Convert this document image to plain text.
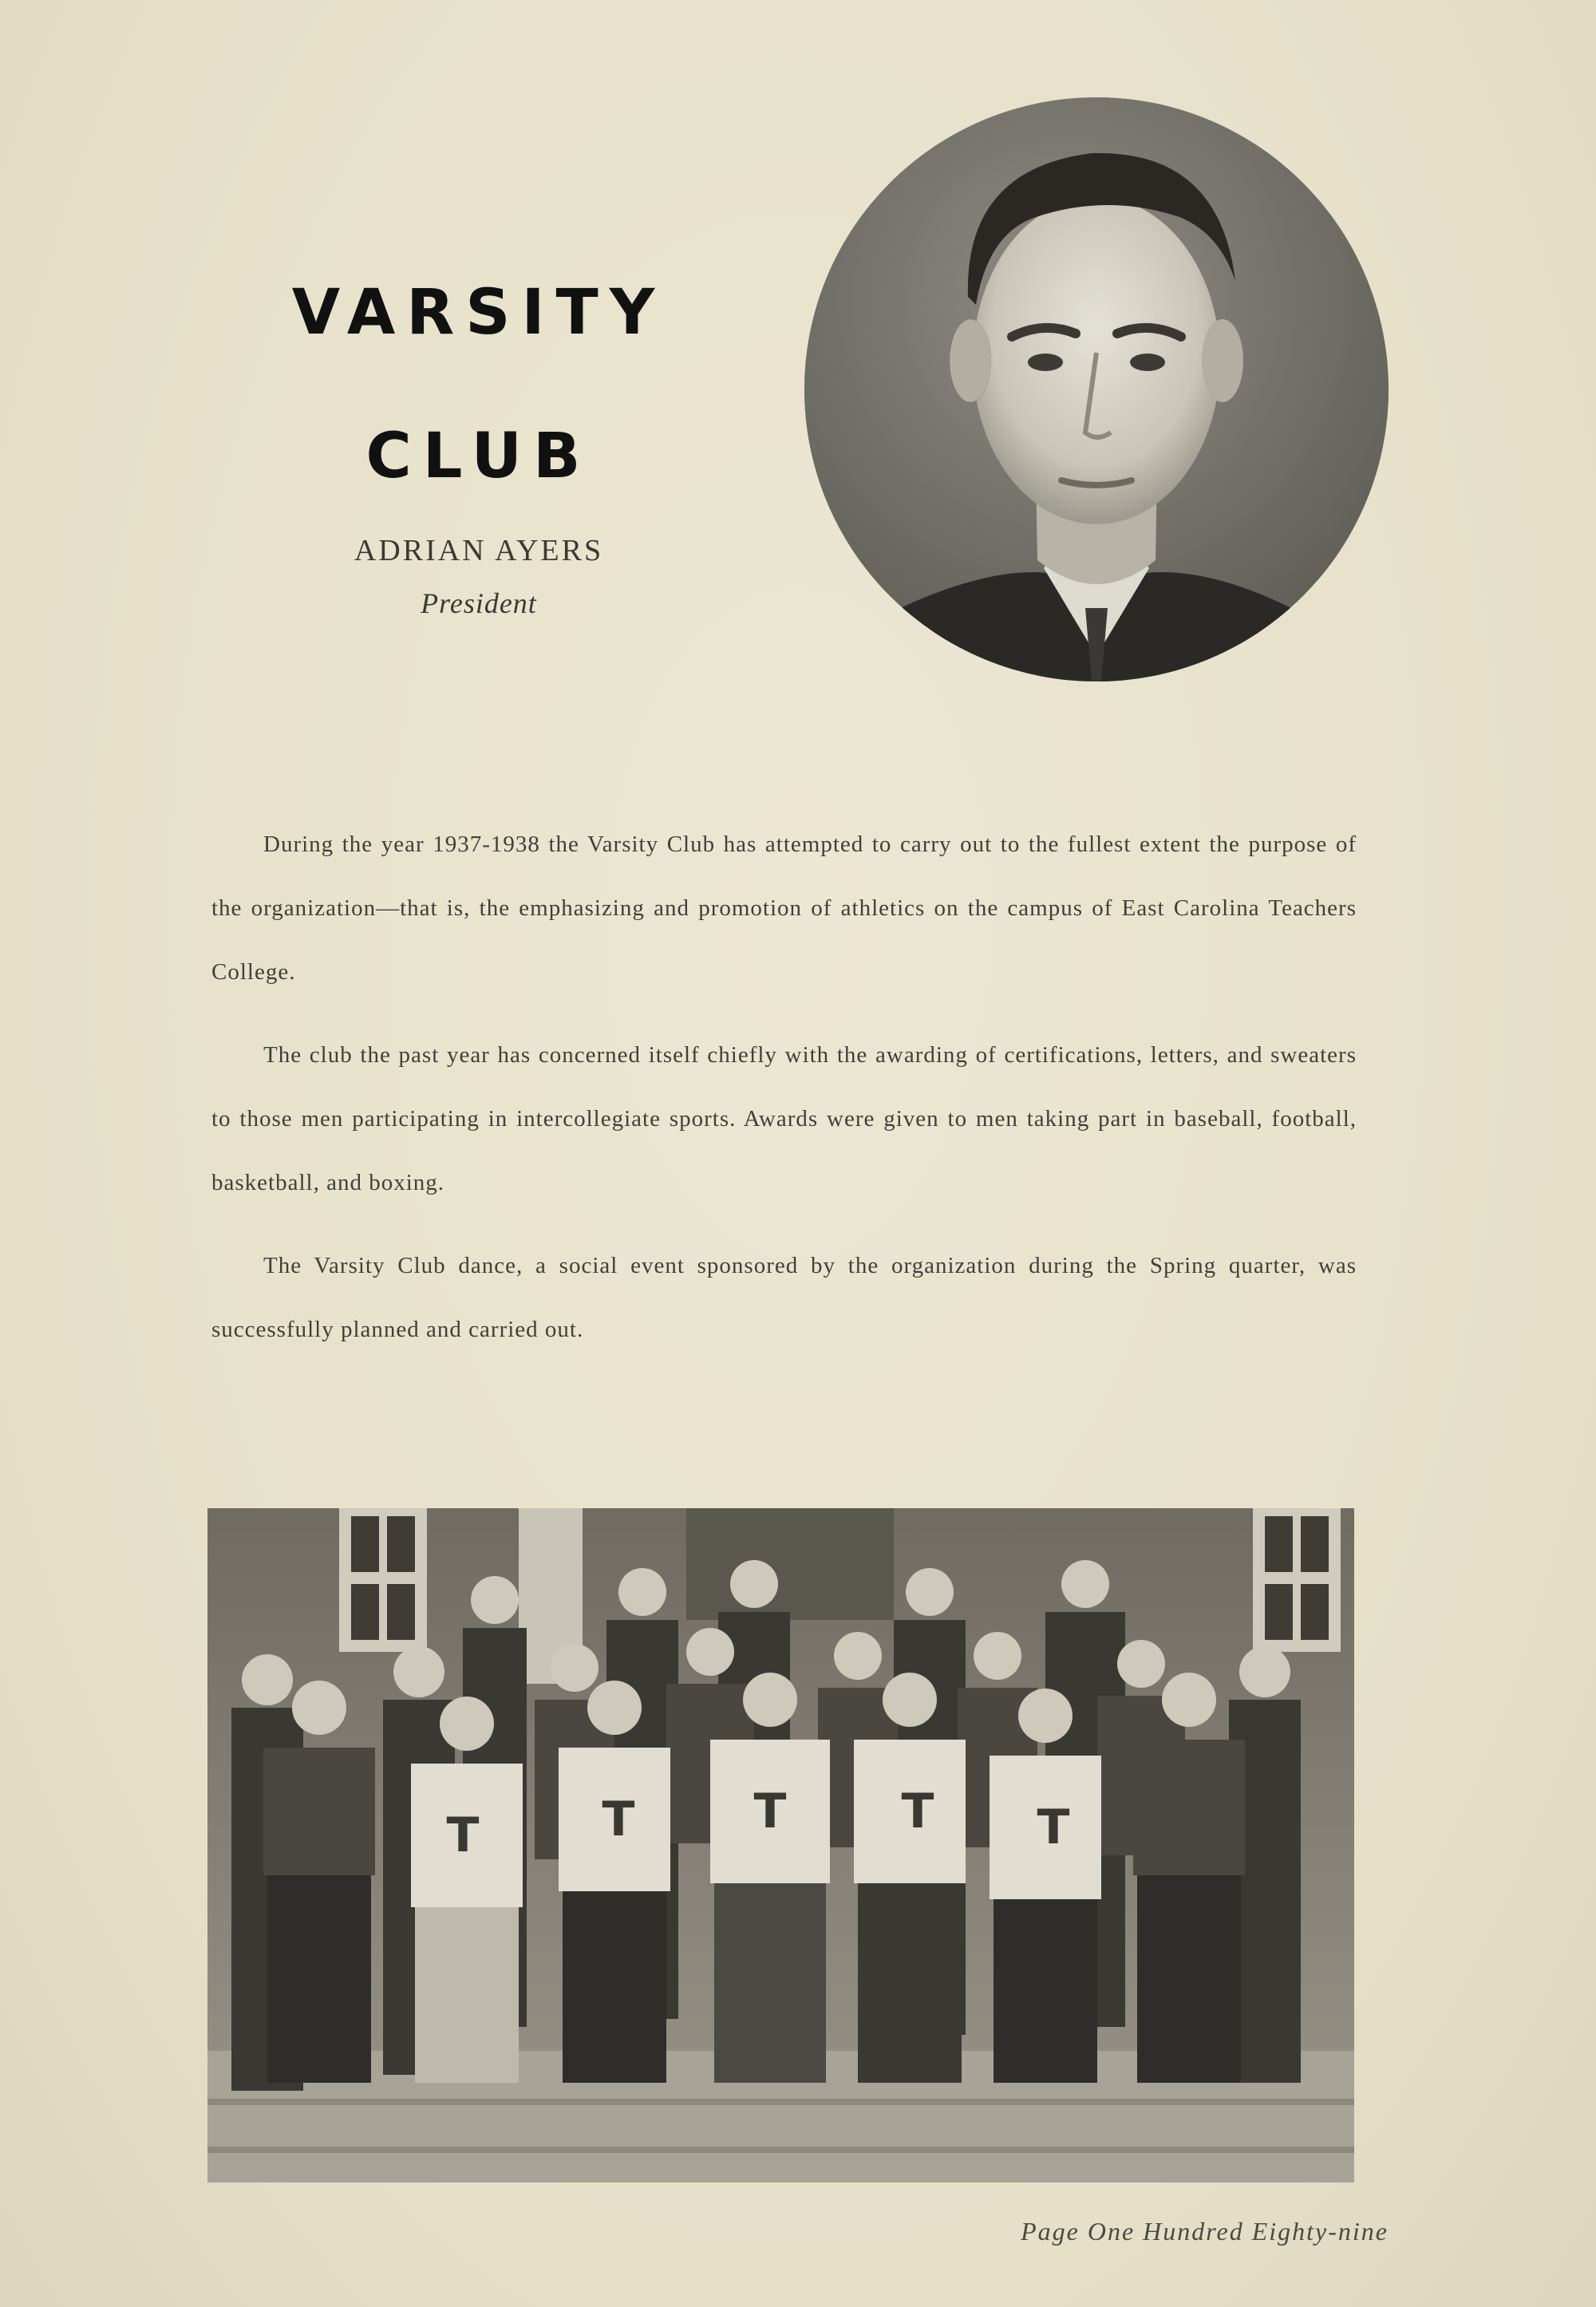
VARSITY
CLUB
ADRIAN AYERS
President

During the year 1937-1938 the Varsity Club has attempted to carry out to the fullest extent the purpose of the organization—that is, the emphasizing and promotion of athletics on the campus of East Carolina Teachers College.

The club the past year has concerned itself chiefly with the awarding of certifications, letters, and sweaters to those men participating in intercollegiate sports. Awards were given to men taking part in baseball, football, basketball, and boxing.

The Varsity Club dance, a social event sponsored by the organization during the Spring quarter, was successfully planned and carried out.

T	T T T T
Page One Hundred Eighty-nine
